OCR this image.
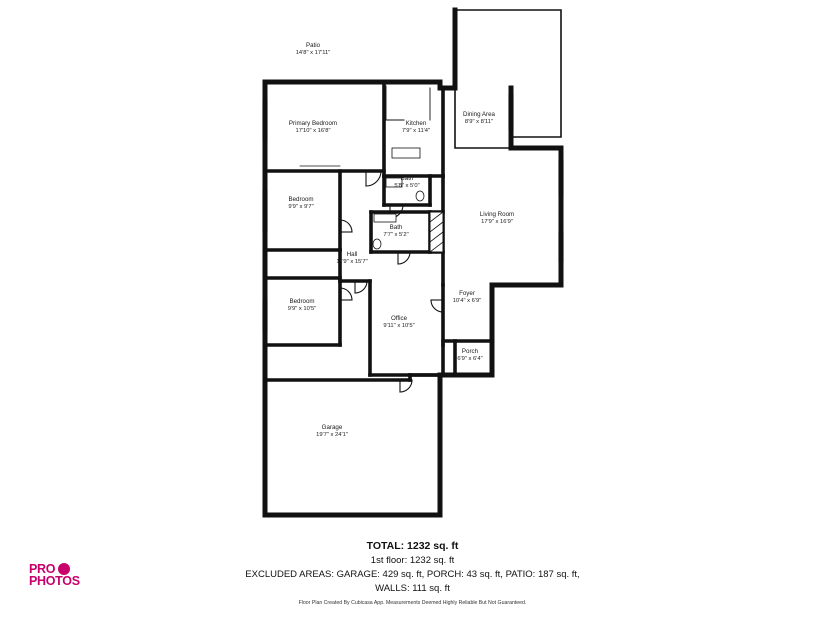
Patio
14'8" x 17'11"
Dining Area
8'9" x 8'11"
Kitchen
7'9" x 11'4"
Primary Bedroom
17'10" x 16'8"
Bath
5'8" x 5'0"
Bedroom
9'9" x 9'7"
Living Room
17'9" x 16'9"
Bath
7'7" x 5'2"
Hall
11'9" x 15'7"
Foyer
10'4" x 6'9"
Bedroom
9'9" x 10'5"
Office
9'11" x 10'5"
Porch
6'9" x 6'4"
Garage
19'7" x 24'1"
TOTAL: 1232 sq. ft
1st floor: 1232 sq. ft
EXCLUDED AREAS: GARAGE: 429 sq. ft, PORCH: 43 sq. ft, PATIO: 187 sq. ft,
WALLS: 111 sq. ft
Floor Plan Created By Cubicasa App. Measurements Deemed Highly Reliable But Not Guaranteed.
PRO 360
PHOTOS
